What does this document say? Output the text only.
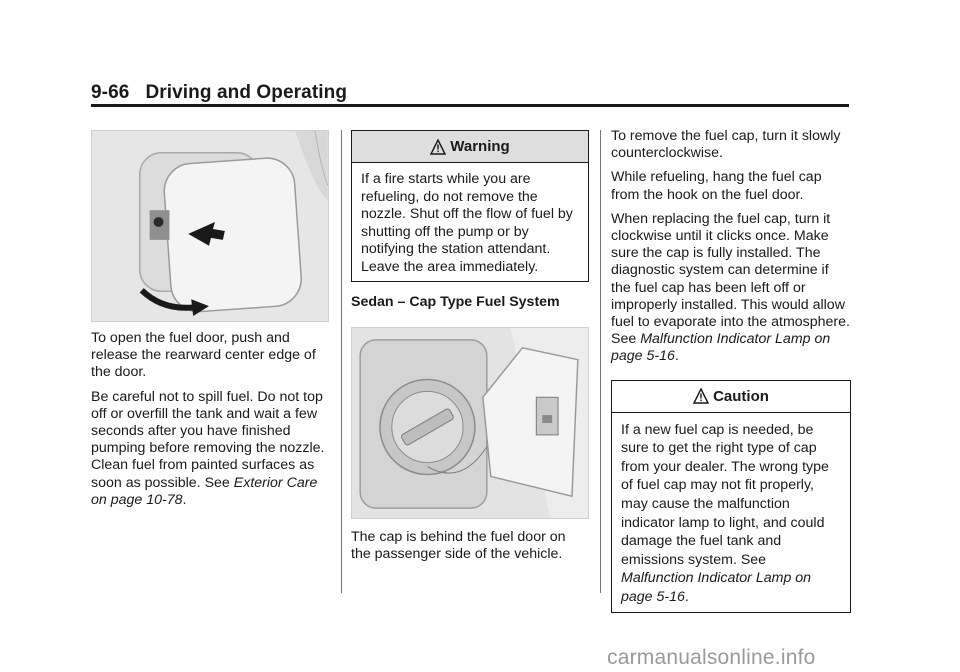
9-66 Driving and Operating

To open the fuel door, push and release the rearward center edge of the door.

Be careful not to spill fuel. Do not top off or overfill the tank and wait a few seconds after you have finished pumping before removing the nozzle. Clean fuel from painted surfaces as soon as possible. See Exterior Care on page 10-78.

Warning
If a fire starts while you are refueling, do not remove the nozzle. Shut off the flow of fuel by shutting off the pump or by notifying the station attendant. Leave the area immediately.
Sedan – Cap Type Fuel System

The cap is behind the fuel door on the passenger side of the vehicle.

To remove the fuel cap, turn it slowly counterclockwise.

While refueling, hang the fuel cap from the hook on the fuel door.

When replacing the fuel cap, turn it clockwise until it clicks once. Make sure the cap is fully installed. The diagnostic system can determine if the fuel cap has been left off or improperly installed. This would allow fuel to evaporate into the atmosphere. See Malfunction Indicator Lamp on page 5-16.

Caution
If a new fuel cap is needed, be sure to get the right type of cap from your dealer. The wrong type of fuel cap may not fit properly, may cause the malfunction indicator lamp to light, and could damage the fuel tank and emissions system. See Malfunction Indicator Lamp on page 5-16.
carmanualsonline.info
